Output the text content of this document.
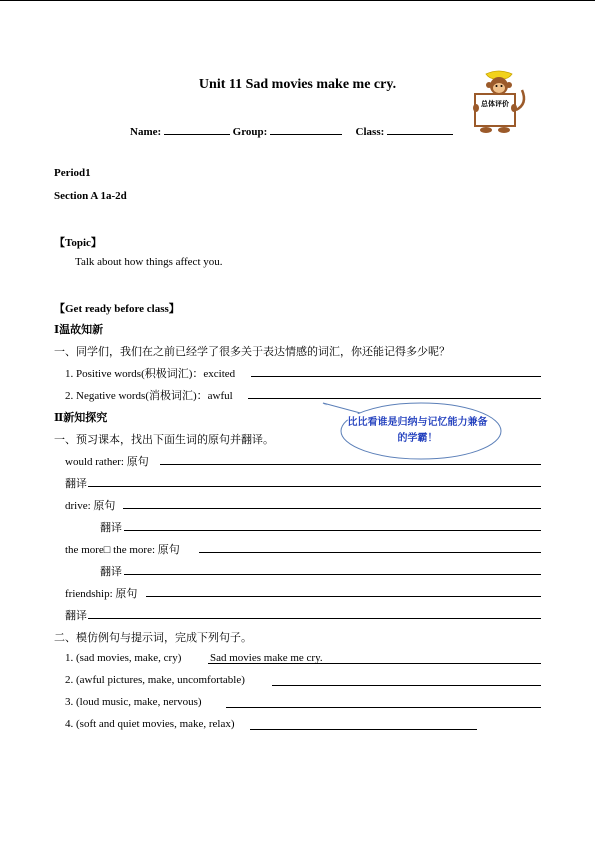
Unit 11 Sad movies make me cry.
总体评价
Name:	Group:	Class:
Period1
Section A 1a-2d
【Topic】
Talk about how things affect you.
【Get ready before class】
Ⅰ温故知新
一、同学们，我们在之前已经学了很多关于表达情感的词汇，你还能记得多少呢？
1. Positive words(积极词汇)：excited
2. Negative words(消极词汇)：awful
Ⅱ新知探究
一、预习课本，找出下面生词的原句并翻译。
比比看谁是归纳与记忆能力兼备的学霸！
would rather: 原句
翻译
drive: 原句
翻译
the more□ the more: 原句
翻译
friendship: 原句
翻译
二、模仿例句与提示词，完成下列句子。
1. (sad movies, make, cry)	Sad movies make me cry.
2. (awful pictures, make, uncomfortable)
3. (loud music, make, nervous)
4. (soft and quiet movies, make, relax)
